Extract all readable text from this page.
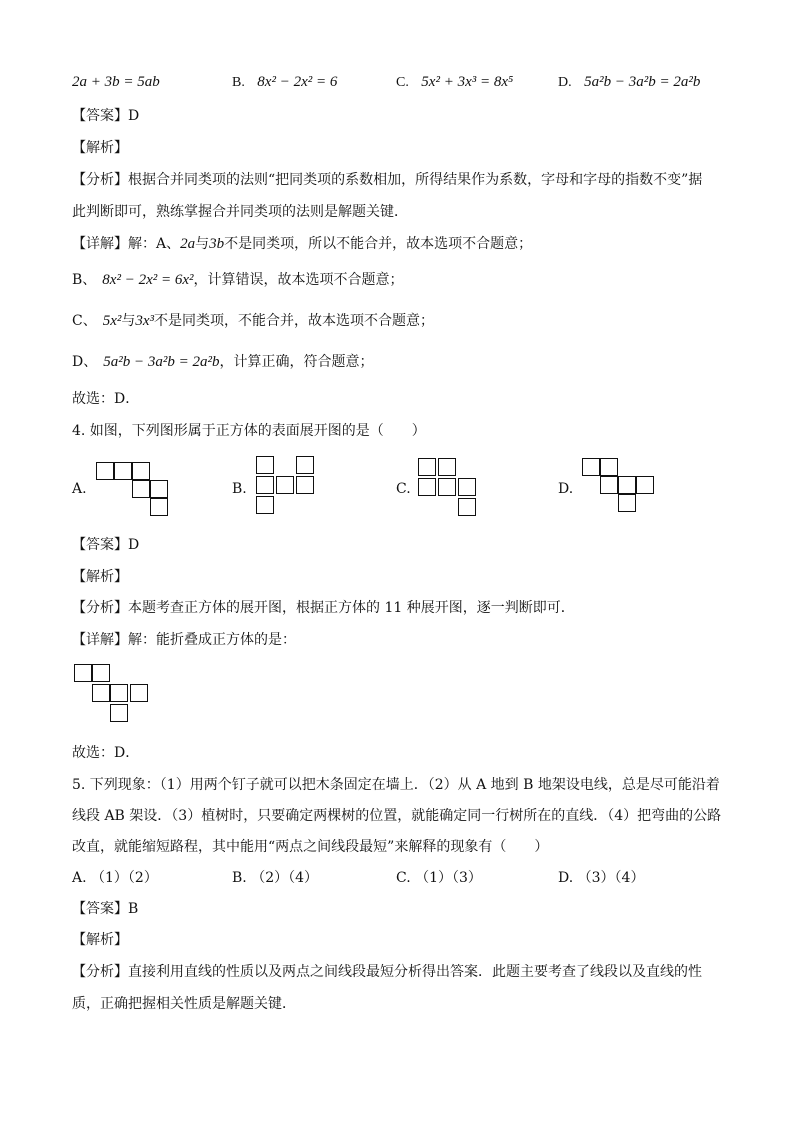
2a + 3b = 5ab	B. 8x² − 2x² = 6	C. 5x² + 3x³ = 8x⁵	D. 5a²b − 3a²b = 2a²b
【答案】D
【解析】
【分析】根据合并同类项的法则“把同类项的系数相加，所得结果作为系数，字母和字母的指数不变”据
此判断即可，熟练掌握合并同类项的法则是解题关键．
【详解】解：A、2a与3b不是同类项，所以不能合并，故本选项不合题意；
B、 8x² − 2x² = 6x²，计算错误，故本选项不合题意；
C、 5x²与3x³不是同类项，不能合并，故本选项不合题意；
D、 5a²b − 3a²b = 2a²b，计算正确，符合题意；
故选：D．
4. 如图，下列图形属于正方体的表面展开图的是（　　）
A.	B.	C.	D.
【答案】D
【解析】
【分析】本题考查正方体的展开图，根据正方体的 11 种展开图，逐一判断即可．
【详解】解：能折叠成正方体的是：
故选：D．
5. 下列现象：（1）用两个钉子就可以把木条固定在墙上．（2）从 A 地到 B 地架设电线，总是尽可能沿着
线段 AB 架设．（3）植树时，只要确定两棵树的位置，就能确定同一行树所在的直线．（4）把弯曲的公路
改直，就能缩短路程，其中能用“两点之间线段最短”来解释的现象有（　　）
A. （1）（2）	B. （2）（4）	C. （1）（3）	D. （3）（4）
【答案】B
【解析】
【分析】直接利用直线的性质以及两点之间线段最短分析得出答案．此题主要考查了线段以及直线的性
质，正确把握相关性质是解题关键．
